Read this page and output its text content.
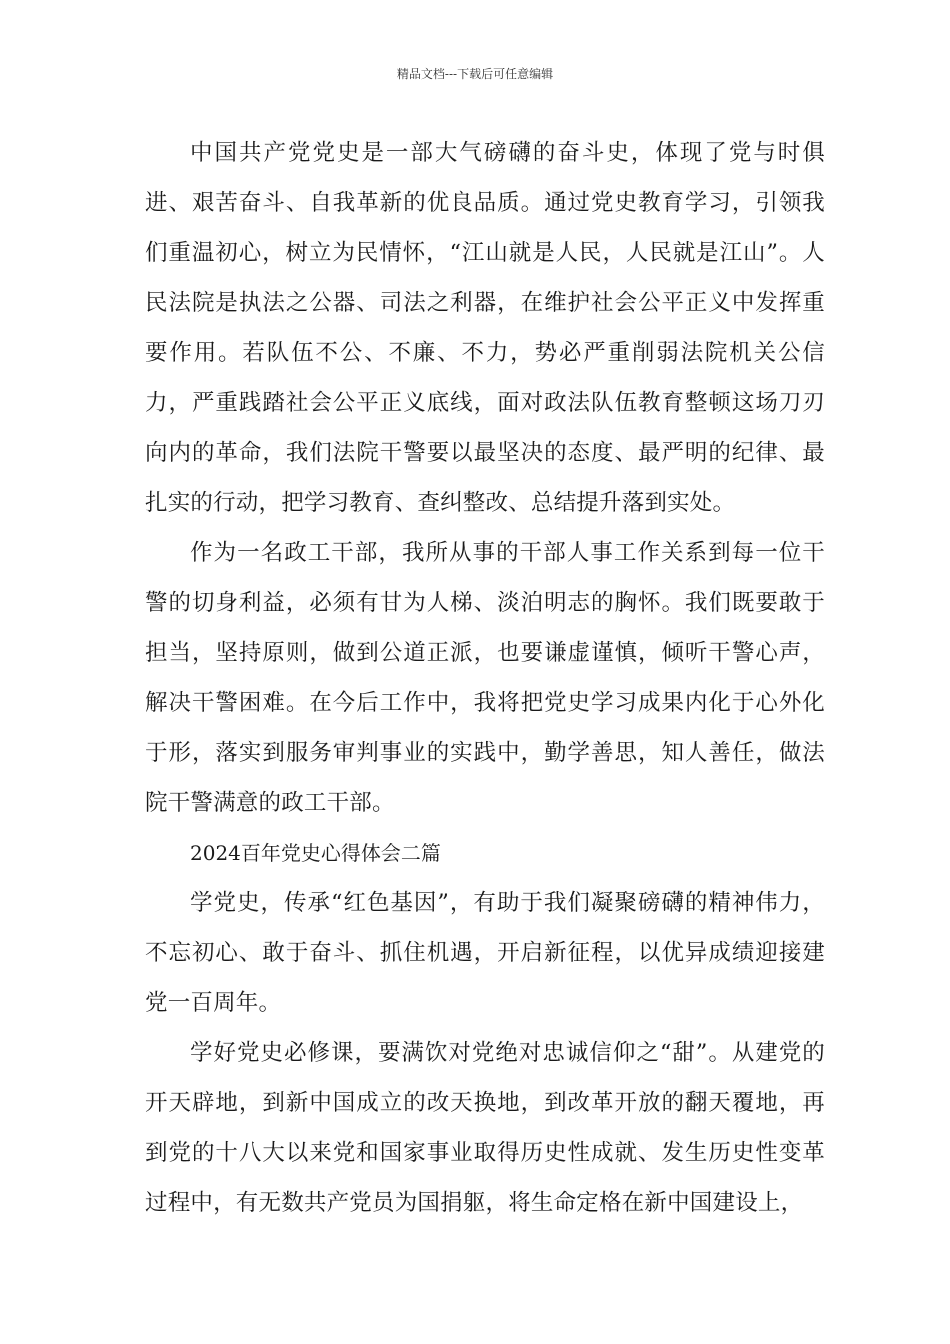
精品文档---下载后可任意编辑

中国共产党党史是一部大气磅礴的奋斗史，体现了党与时俱进、艰苦奋斗、自我革新的优良品质。通过党史教育学习，引领我们重温初心，树立为民情怀，“江山就是人民，人民就是江山”。人民法院是执法之公器、司法之利器，在维护社会公平正义中发挥重要作用。若队伍不公、不廉、不力，势必严重削弱法院机关公信力，严重践踏社会公平正义底线，面对政法队伍教育整顿这场刀刃向内的革命，我们法院干警要以最坚决的态度、最严明的纪律、最扎实的行动，把学习教育、查纠整改、总结提升落到实处。

作为一名政工干部，我所从事的干部人事工作关系到每一位干警的切身利益，必须有甘为人梯、淡泊明志的胸怀。我们既要敢于担当，坚持原则，做到公道正派，也要谦虚谨慎，倾听干警心声，解决干警困难。在今后工作中，我将把党史学习成果内化于心外化于形，落实到服务审判事业的实践中，勤学善思，知人善任，做法院干警满意的政工干部。

2024百年党史心得体会二篇

学党史，传承“红色基因”，有助于我们凝聚磅礴的精神伟力，不忘初心、敢于奋斗、抓住机遇，开启新征程，以优异成绩迎接建党一百周年。

学好党史必修课，要满饮对党绝对忠诚信仰之“甜”。从建党的开天辟地，到新中国成立的改天换地，到改革开放的翻天覆地，再到党的十八大以来党和国家事业取得历史性成就、发生历史性变革过程中，有无数共产党员为国捐躯，将生命定格在新中国建设上，
